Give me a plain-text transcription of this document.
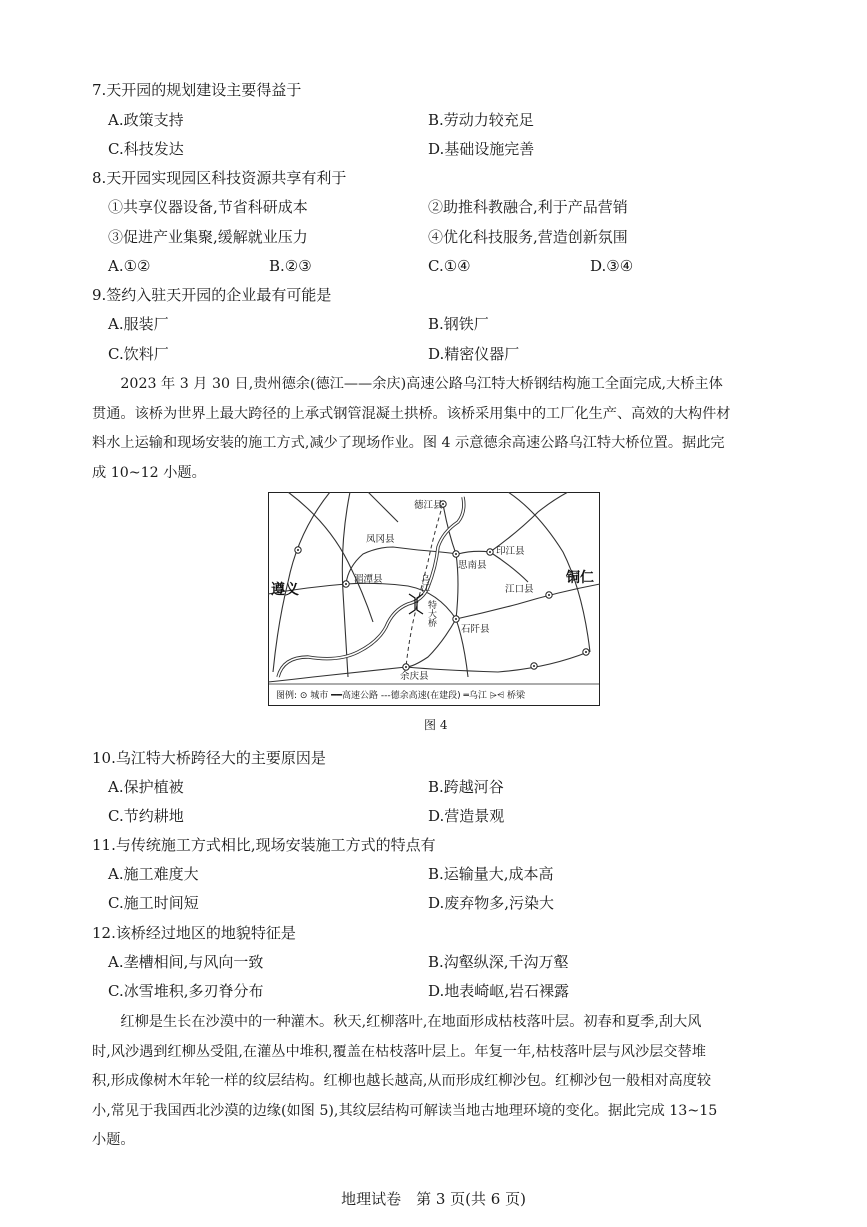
7.天开园的规划建设主要得益于
A.政策支持	B.劳动力较充足
C.科技发达	D.基础设施完善
8.天开园实现园区科技资源共享有利于
①共享仪器设备,节省科研成本	②助推科教融合,利于产品营销
③促进产业集聚,缓解就业压力	④优化科技服务,营造创新氛围
A.①②	B.②③	C.①④	D.③④
9.签约入驻天开园的企业最有可能是
A.服装厂	B.钢铁厂
C.饮料厂	D.精密仪器厂

2023 年 3 月 30 日,贵州德余(德江——余庆)高速公路乌江特大桥钢结构施工全面完成,大桥主体

贯通。该桥为世界上最大跨径的上承式钢管混凝土拱桥。该桥采用集中的工厂化生产、高效的大构件材

料水上运输和现场安装的施工方式,减少了现场作业。图 4 示意德余高速公路乌江特大桥位置。据此完

成 10~12 小题。

德江县
凤冈县
印江县
思南县
铜仁
遵义
湄潭县
江口县
石阡县
余庆县
乌江
特大桥
图例: ⊙ 城市 ━━高速公路 ‑‑‑德余高速(在建段) ═乌江 ⩥⩤ 桥梁
图 4
10.乌江特大桥跨径大的主要原因是
A.保护植被	B.跨越河谷
C.节约耕地	D.营造景观
11.与传统施工方式相比,现场安装施工方式的特点有
A.施工难度大	B.运输量大,成本高
C.施工时间短	D.废弃物多,污染大
12.该桥经过地区的地貌特征是
A.垄槽相间,与风向一致	B.沟壑纵深,千沟万壑
C.冰雪堆积,多刃脊分布	D.地表崎岖,岩石裸露

红柳是生长在沙漠中的一种灌木。秋天,红柳落叶,在地面形成枯枝落叶层。初春和夏季,刮大风

时,风沙遇到红柳丛受阻,在灌丛中堆积,覆盖在枯枝落叶层上。年复一年,枯枝落叶层与风沙层交替堆

积,形成像树木年轮一样的纹层结构。红柳也越长越高,从而形成红柳沙包。红柳沙包一般相对高度较

小,常见于我国西北沙漠的边缘(如图 5),其纹层结构可解读当地古地理环境的变化。据此完成 13~15

小题。

地理试卷　第 3 页(共 6 页)
